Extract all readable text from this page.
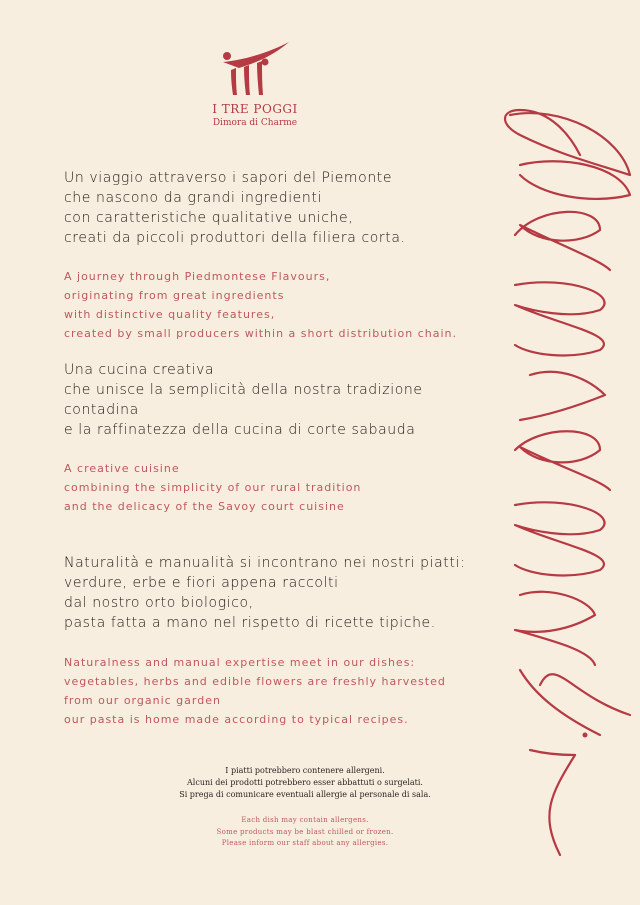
I TRE POGGI
Dimora di Charme
Un viaggio attraverso i sapori del Piemonte
che nascono da grandi ingredienti
con caratteristiche qualitative uniche,
creati da piccoli produttori della filiera corta.
A journey through Piedmontese Flavours,
originating from great ingredients
with distinctive quality features,
created by small producers within a short distribution chain.
Una cucina creativa
che unisce la semplicità della nostra tradizione
contadina
e la raffinatezza della cucina di corte sabauda
A creative cuisine
combining the simplicity of our rural tradition
and the delicacy of the Savoy court cuisine
Naturalità e manualità si incontrano nei nostri piatti:
verdure, erbe e fiori appena raccolti
dal nostro orto biologico,
pasta fatta a mano nel rispetto di ricette tipiche.
Naturalness and manual expertise meet in our dishes:
vegetables, herbs and edible flowers are freshly harvested
from our organic garden
our pasta is home made according to typical recipes.
I piatti potrebbero contenere allergeni.
Alcuni dei prodotti potrebbero esser abbattuti o surgelati.
Si prega di comunicare eventuali allergie al personale di sala.
Each dish may contain allergens.
Some products may be blast chilled or frozen.
Please inform our staff about any allergies.
